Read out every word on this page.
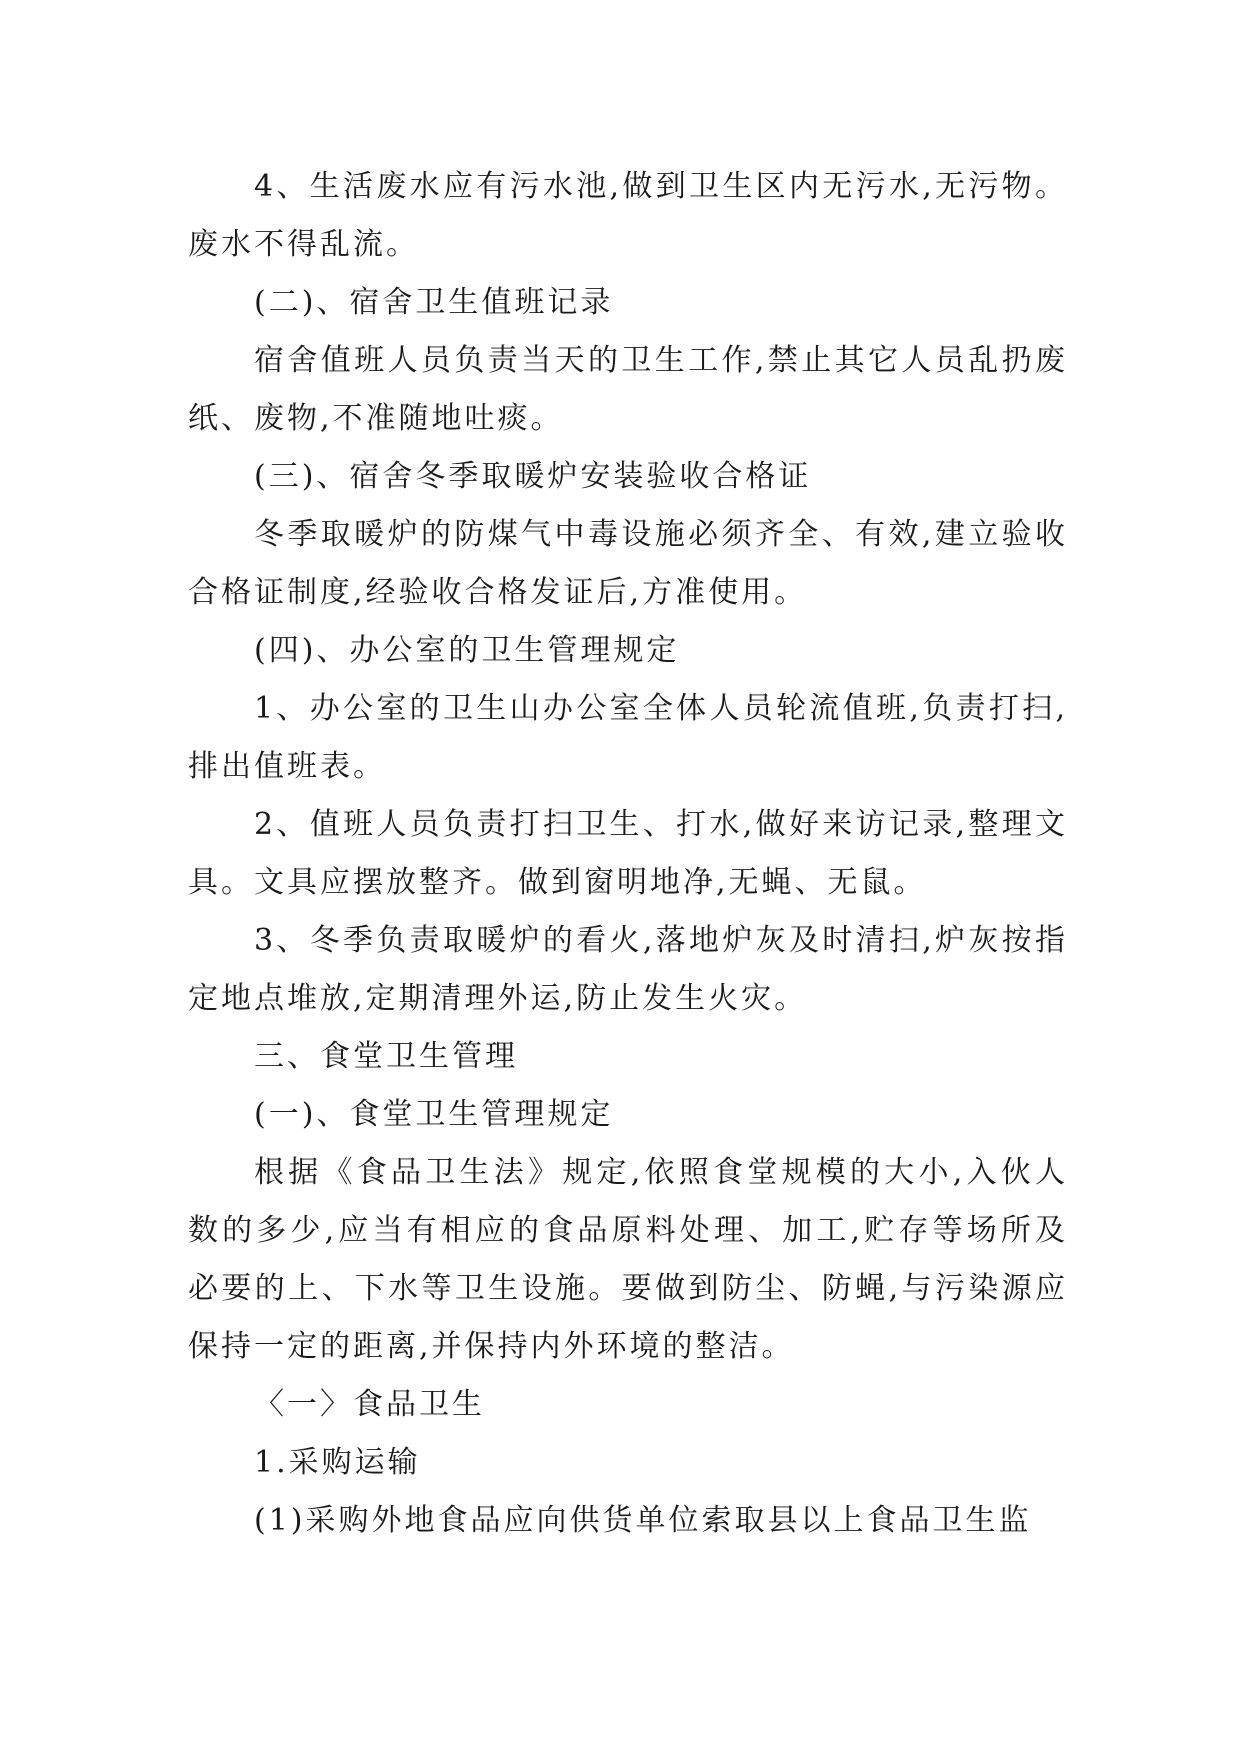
4、生活废水应有污水池,做到卫生区内无污水,无污物。废水不得乱流。

(二)、宿舍卫生值班记录

宿舍值班人员负责当天的卫生工作,禁止其它人员乱扔废纸、废物,不准随地吐痰。

(三)、宿舍冬季取暖炉安装验收合格证

冬季取暖炉的防煤气中毒设施必须齐全、有效,建立验收合格证制度,经验收合格发证后,方准使用。

(四)、办公室的卫生管理规定

1、办公室的卫生山办公室全体人员轮流值班,负责打扫,排出值班表。

2、值班人员负责打扫卫生、打水,做好来访记录,整理文具。文具应摆放整齐。做到窗明地净,无蝇、无鼠。

3、冬季负责取暖炉的看火,落地炉灰及时清扫,炉灰按指定地点堆放,定期清理外运,防止发生火灾。

三、食堂卫生管理

(一)、食堂卫生管理规定

根据《食品卫生法》规定,依照食堂规模的大小,入伙人数的多少,应当有相应的食品原料处理、加工,贮存等场所及必要的上、下水等卫生设施。要做到防尘、防蝇,与污染源应保持一定的距离,并保持内外环境的整洁。

〈一〉食品卫生

1.采购运输

(1)采购外地食品应向供货单位索取县以上食品卫生监
